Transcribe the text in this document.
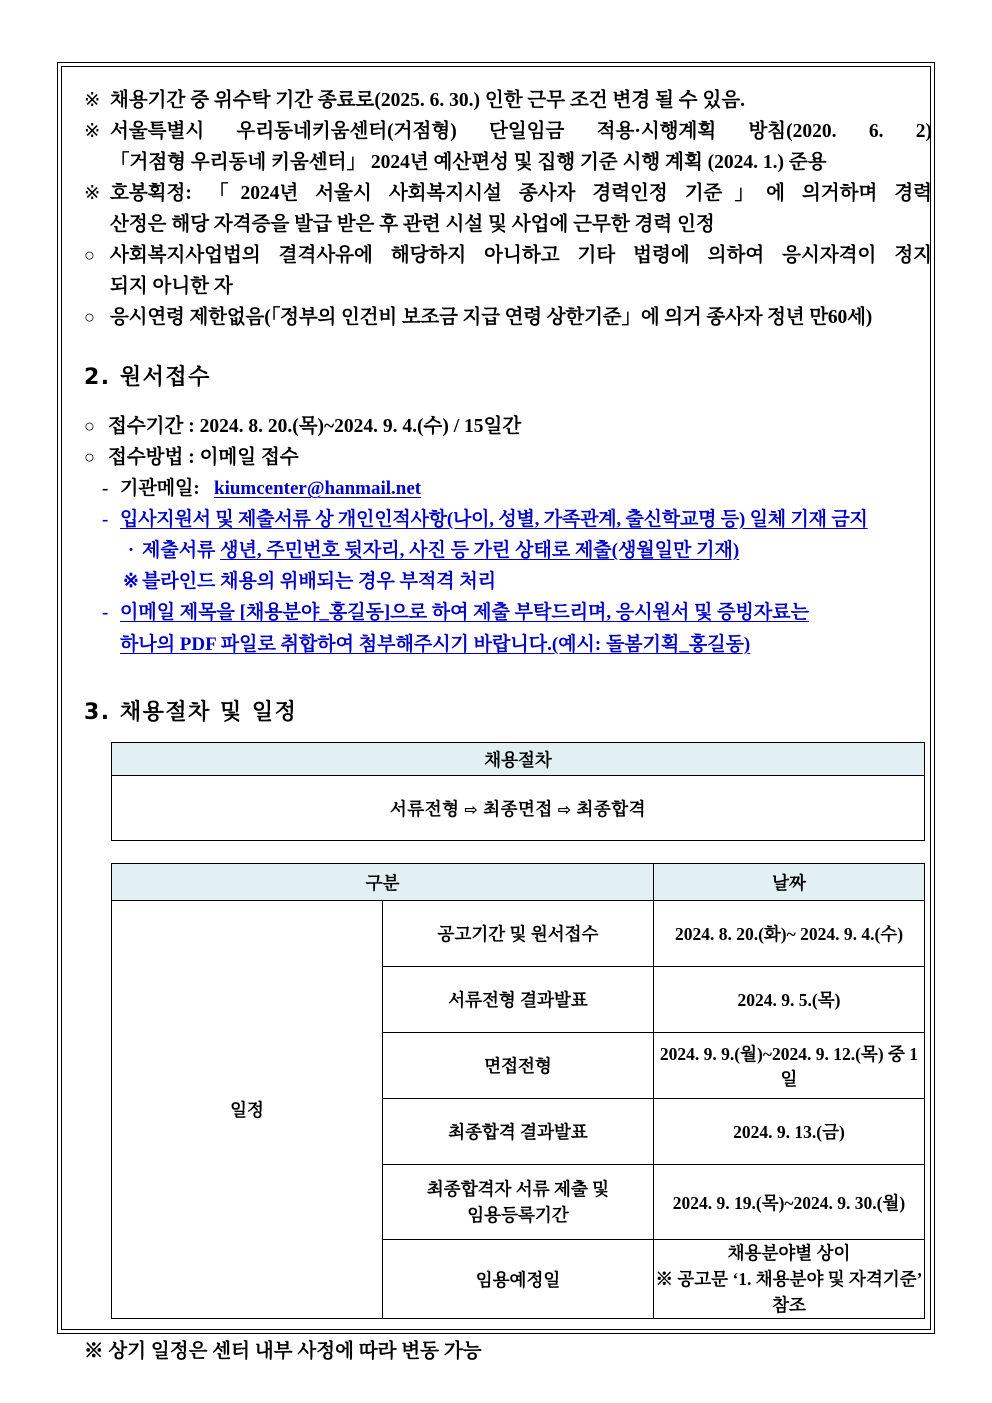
※ 채용기간 중 위수탁 기간 종료로(2025. 6. 30.) 인한 근무 조건 변경 될 수 있음.
※ 서울특별시 우리동네키움센터(거점형) 단일임금 적용·시행계획 방침(2020. 6. 2)
「거점형 우리동네 키움센터」 2024년 예산편성 및 집행 기준 시행 계획 (2024. 1.) 준용
※ 호봉획정: 「2024년 서울시 사회복지시설 종사자 경력인정 기준」에 의거하며 경력
산정은 해당 자격증을 발급 받은 후 관련 시설 및 사업에 근무한 경력 인정
○ 사회복지사업법의 결격사유에 해당하지 아니하고 기타 법령에 의하여 응시자격이 정지
되지 아니한 자
○ 응시연령 제한없음(「정부의 인건비 보조금 지급 연령 상한기준」에 의거 종사자 정년 만60세)
2. 원서접수
○ 접수기간 : 2024. 8. 20.(목)~2024. 9. 4.(수) / 15일간
○ 접수방법 : 이메일 접수
- 기관메일: kiumcenter@hanmail.net
- 입사지원서 및 제출서류 상 개인인적사항(나이, 성별, 가족관계, 출신학교명 등) 일체 기재 금지
· 제출서류 생년, 주민번호 뒷자리, 사진 등 가린 상태로 제출(생월일만 기재)
※ 블라인드 채용의 위배되는 경우 부적격 처리
- 이메일 제목을 [채용분야_홍길동]으로 하여 제출 부탁드리며, 응시원서 및 증빙자료는
하나의 PDF 파일로 취합하여 첨부해주시기 바랍니다.(예시: 돌봄기획_홍길동)
3. 채용절차 및 일정
채용절차
서류전형 ⇨ 최종면접 ⇨ 최종합격
구분		날짜
일정	공고기간 및 원서접수	2024. 8. 20.(화)~ 2024. 9. 4.(수)
	서류전형 결과발표	2024. 9. 5.(목)
	면접전형	2024. 9. 9.(월)~2024. 9. 12.(목) 중 1일
	최종합격 결과발표	2024. 9. 13.(금)

	최종합격자 서류 제출 및
임용등록기간	2024. 9. 19.(목)~2024. 9. 30.(월)
	임용예정일	채용분야별 상이
※ 공고문 ‘1. 채용분야 및 자격기준’ 참조
※ 상기 일정은 센터 내부 사정에 따라 변동 가능
